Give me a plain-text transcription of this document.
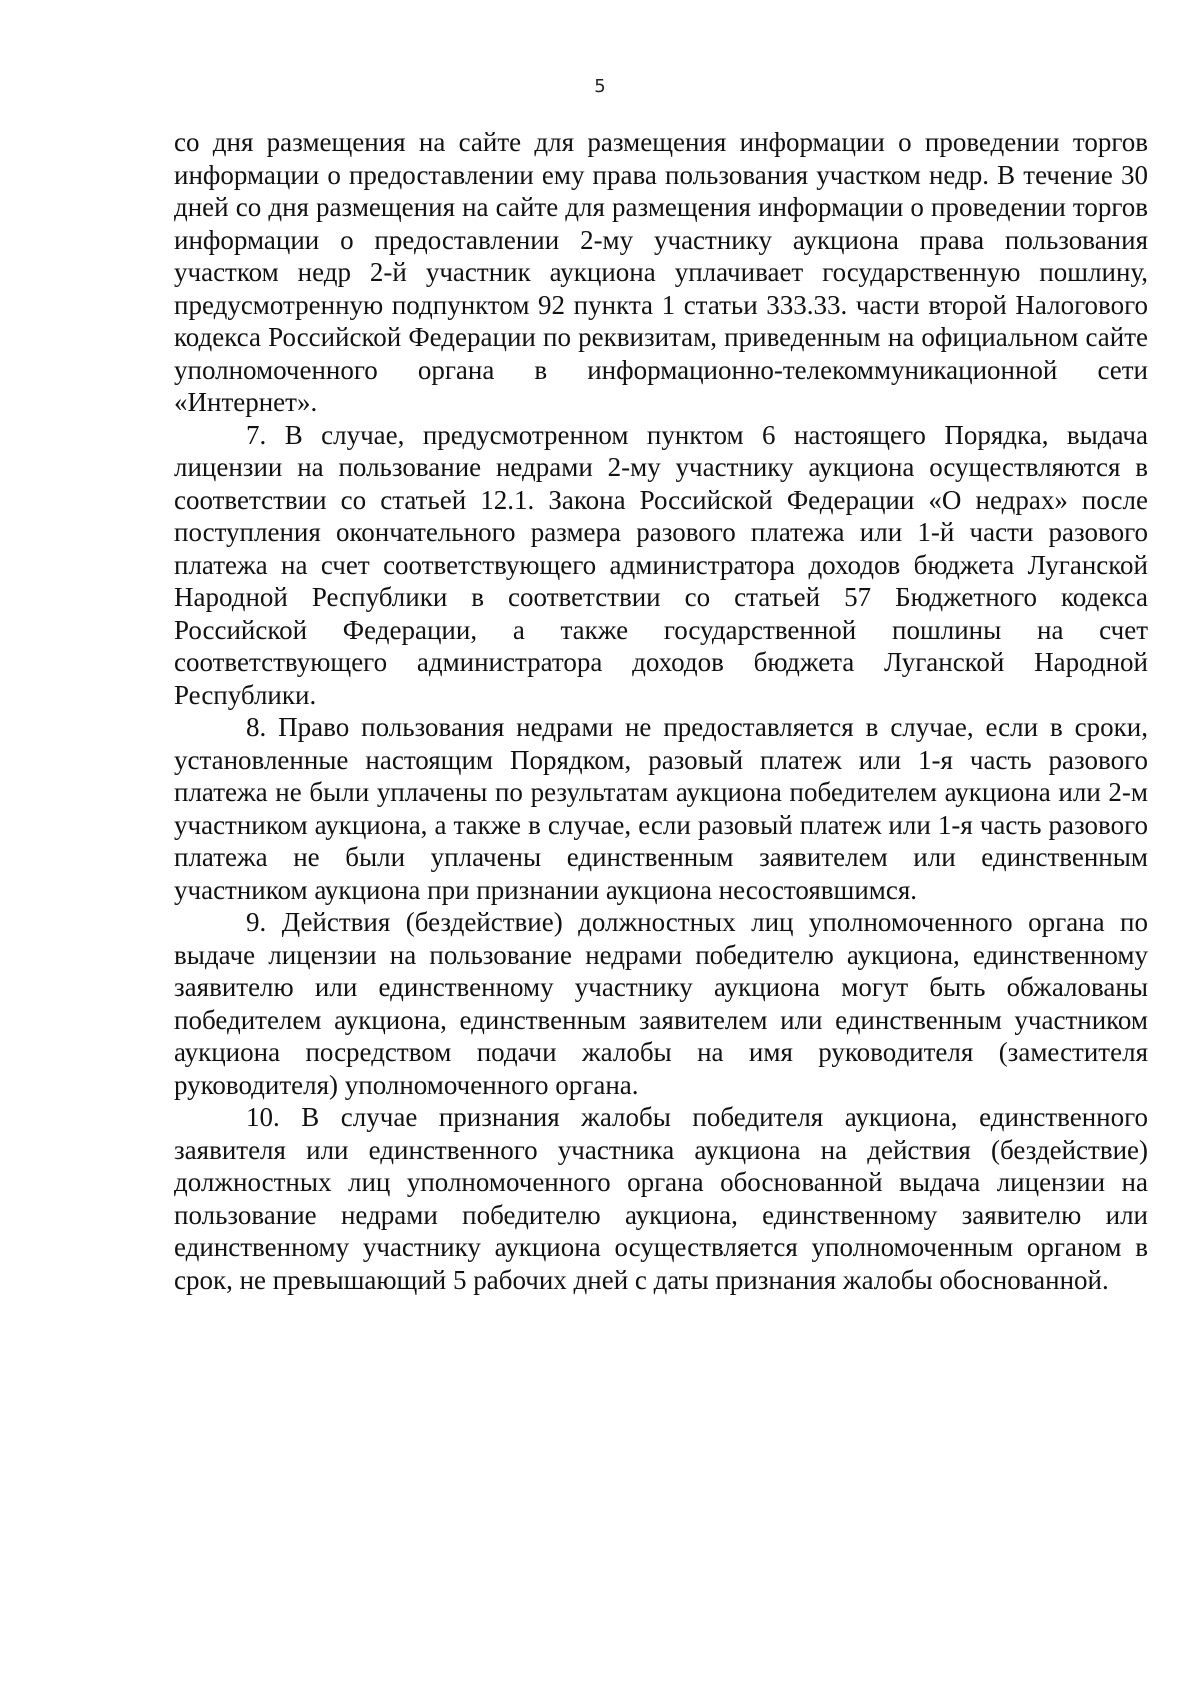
5

со дня размещения на сайте для размещения информации о проведении торгов информации о предоставлении ему права пользования участком недр. В течение 30 дней со дня размещения на сайте для размещения информации о проведении торгов информации о предоставлении 2-му участнику аукциона права пользования участком недр 2-й участник аукциона уплачивает государственную пошлину, предусмотренную подпунктом 92 пункта 1 статьи 333.33. части второй Налогового кодекса Российской Федерации по реквизитам, приведенным на официальном сайте уполномоченного органа в информационно-телекоммуникационной сети «Интернет».

7. В случае, предусмотренном пунктом 6 настоящего Порядка, выдача лицензии на пользование недрами 2-му участнику аукциона осуществляются в соответствии со статьей 12.1. Закона Российской Федерации «О недрах» после поступления окончательного размера разового платежа или 1-й части разового платежа на счет соответствующего администратора доходов бюджета Луганской Народной Республики в соответствии со статьей 57 Бюджетного кодекса Российской Федерации, а также государственной пошлины на счет соответствующего администратора доходов бюджета Луганской Народной Республики.

8. Право пользования недрами не предоставляется в случае, если в сроки, установленные настоящим Порядком, разовый платеж или 1-я часть разового платежа не были уплачены по результатам аукциона победителем аукциона или 2-м участником аукциона, а также в случае, если разовый платеж или 1-я часть разового платежа не были уплачены единственным заявителем или единственным участником аукциона при признании аукциона несостоявшимся.

9. Действия (бездействие) должностных лиц уполномоченного органа по выдаче лицензии на пользование недрами победителю аукциона, единственному заявителю или единственному участнику аукциона могут быть обжалованы победителем аукциона, единственным заявителем или единственным участником аукциона посредством подачи жалобы на имя руководителя (заместителя руководителя) уполномоченного органа.

10. В случае признания жалобы победителя аукциона, единственного заявителя или единственного участника аукциона на действия (бездействие) должностных лиц уполномоченного органа обоснованной выдача лицензии на пользование недрами победителю аукциона, единственному заявителю или единственному участнику аукциона осуществляется уполномоченным органом в срок, не превышающий 5 рабочих дней с даты признания жалобы обоснованной.
